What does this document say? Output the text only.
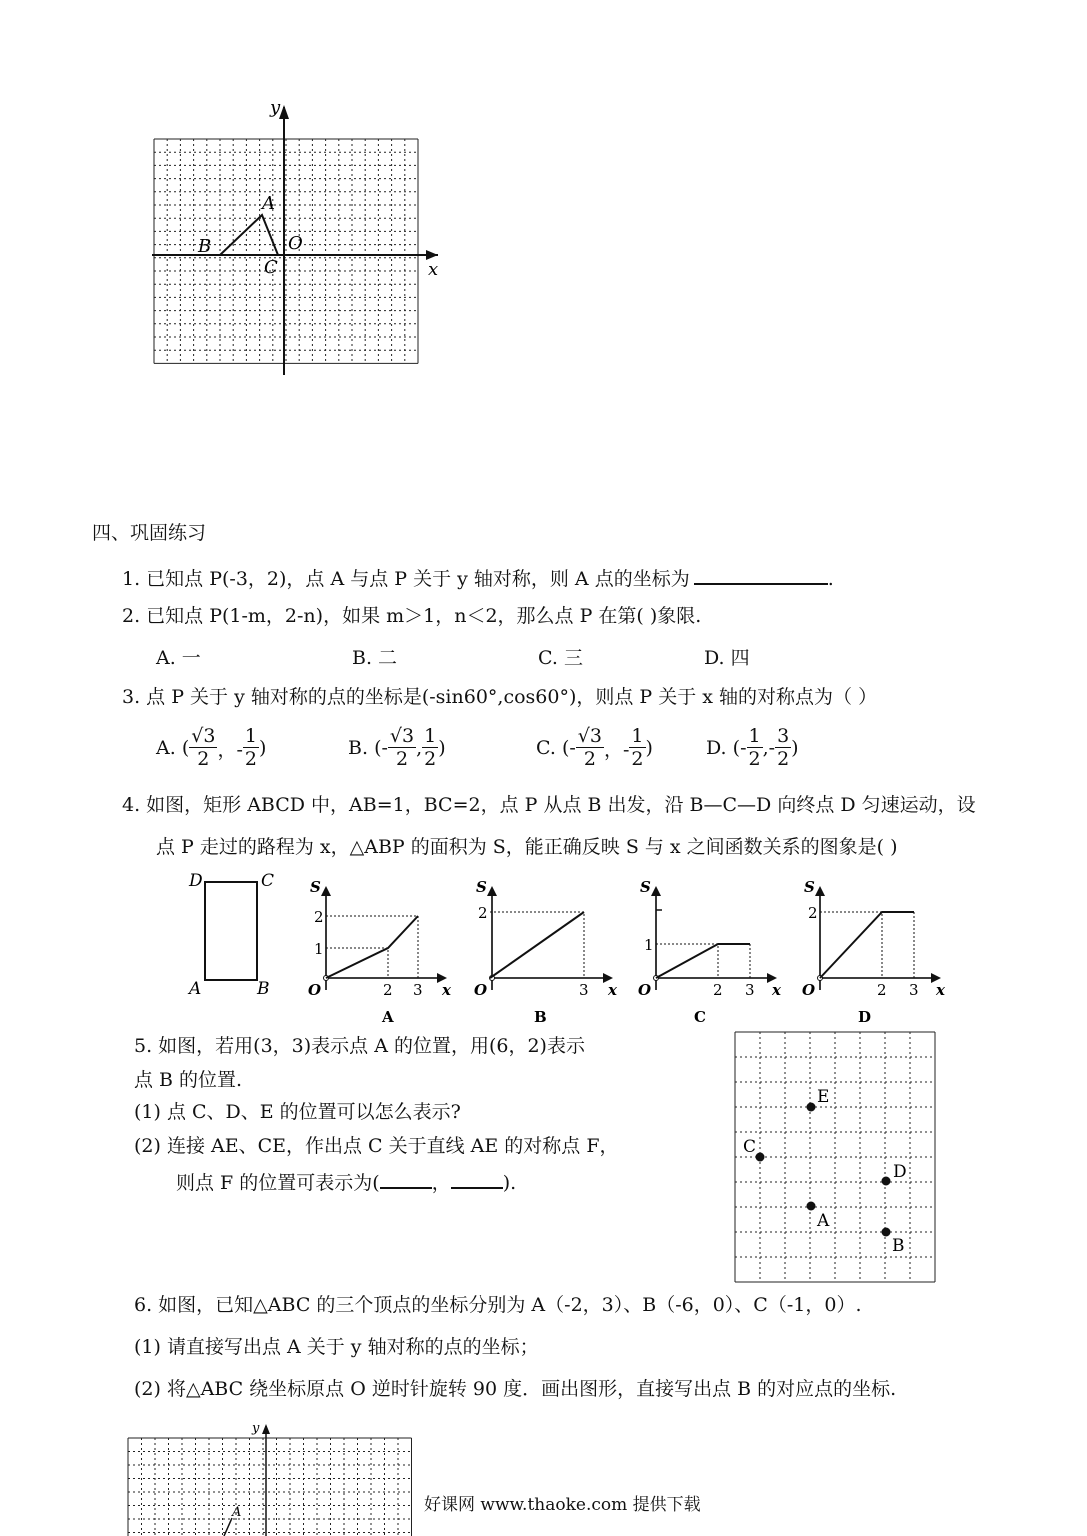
y
x
A
B	O
C
四、巩固练习
1. 已知点 P(-3，2)，点 A 与点 P 关于 y 轴对称，则 A 点的坐标为	.
2. 已知点 P(1-m，2-n)，如果 m＞1，n＜2，那么点 P 在第( )象限.
A. 一	B. 二	C. 三	D. 四
3. 点 P 关于 y 轴对称的点的坐标是(-sin60°,cos60°)，则点 P 关于 x 轴的对称点为（ ）
A.
( $\frac{√3}{2}$ ，- $\frac{1}{2}$ )	B.
(- $\frac{√3}{2}$ , $\frac{1}{2}$ )	C.
(- $\frac{√3}{2}$ ，- $\frac{1}{2}$ )	D.
(- $\frac{1}{2}$ ,- $\frac{3}{2}$ )
4. 如图，矩形 ABCD 中，AB=1，BC=2，点 P 从点 B 出发，沿 B—C—D 向终点 D 匀速运动，设
点 P 走过的路程为 x，△ABP 的面积为 S，能正确反映 S 与 x 之间函数关系的图象是( )
D	C
A	B
S
x
O
1
2
2 3
A
S
x
O
2
3
B
S
x
O
1
2 3
C
S
x
O
2
2 3
D
5. 如图，若用(3，3)表示点 A 的位置，用(6，2)表示
点 B 的位置.
(1) 点 C、D、E 的位置可以怎么表示?
(2) 连接 AE、CE，作出点 C 关于直线 AE 的对称点 F，
则点 F 的位置可表示为(	，	).
E
C
D
A
B
6. 如图，已知△ABC 的三个顶点的坐标分别为 A（-2，3）、B（-6，0）、C（-1，0）.
(1) 请直接写出点 A 关于 y 轴对称的点的坐标；
(2) 将△ABC 绕坐标原点 O 逆时针旋转 90 度．画出图形，直接写出点 B 的对应点的坐标.
y
A	好课网 www.thaoke.com 提供下载
